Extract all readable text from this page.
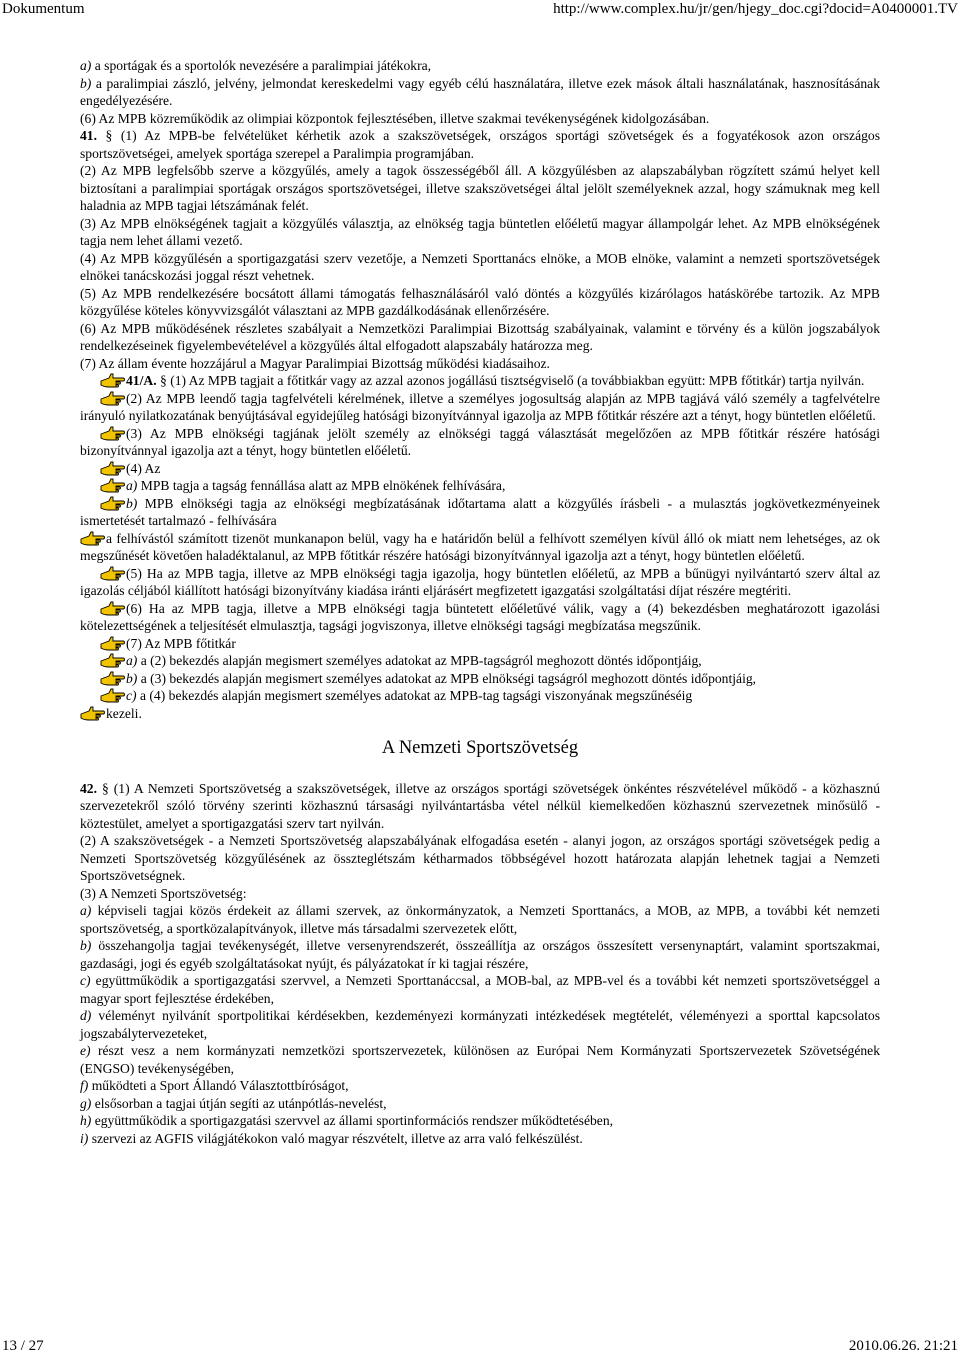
Dokumentum	http://www.complex.hu/jr/gen/hjegy_doc.cgi?docid=A0400001.TV

a) a sportágak és a sportolók nevezésére a paralimpiai játékokra,

b) a paralimpiai zászló, jelvény, jelmondat kereskedelmi vagy egyéb célú használatára, illetve ezek mások általi használatának, hasznosításának engedélyezésére.

(6) Az MPB közreműködik az olimpiai központok fejlesztésében, illetve szakmai tevékenységének kidolgozásában.

41. § (1) Az MPB-be felvételüket kérhetik azok a szakszövetségek, országos sportági szövetségek és a fogyatékosok azon országos sportszövetségei, amelyek sportága szerepel a Paralimpia programjában.

(2) Az MPB legfelsőbb szerve a közgyűlés, amely a tagok összességéből áll. A közgyűlésben az alapszabályban rögzített számú helyet kell biztosítani a paralimpiai sportágak országos sportszövetségei, illetve szakszövetségei által jelölt személyeknek azzal, hogy számuknak meg kell haladnia az MPB tagjai létszámának felét.

(3) Az MPB elnökségének tagjait a közgyűlés választja, az elnökség tagja büntetlen előéletű magyar állampolgár lehet. Az MPB elnökségének tagja nem lehet állami vezető.

(4) Az MPB közgyűlésén a sportigazgatási szerv vezetője, a Nemzeti Sporttanács elnöke, a MOB elnöke, valamint a nemzeti sportszövetségek elnökei tanácskozási joggal részt vehetnek.

(5) Az MPB rendelkezésére bocsátott állami támogatás felhasználásáról való döntés a közgyűlés kizárólagos hatáskörébe tartozik. Az MPB közgyűlése köteles könyvvizsgálót választani az MPB gazdálkodásának ellenőrzésére.

(6) Az MPB működésének részletes szabályait a Nemzetközi Paralimpiai Bizottság szabályainak, valamint e törvény és a külön jogszabályok rendelkezéseinek figyelembevételével a közgyűlés által elfogadott alapszabály határozza meg.

(7) Az állam évente hozzájárul a Magyar Paralimpiai Bizottság működési kiadásaihoz.

41/A. § (1) Az MPB tagjait a főtitkár vagy az azzal azonos jogállású tisztségviselő (a továbbiakban együtt: MPB főtitkár) tartja nyilván.

(2) Az MPB leendő tagja tagfelvételi kérelmének, illetve a személyes jogosultság alapján az MPB tagjává váló személy a tagfelvételre irányuló nyilatkozatának benyújtásával egyidejűleg hatósági bizonyítvánnyal igazolja az MPB főtitkár részére azt a tényt, hogy büntetlen előéletű.

(3) Az MPB elnökségi tagjának jelölt személy az elnökségi taggá választását megelőzően az MPB főtitkár részére hatósági bizonyítvánnyal igazolja azt a tényt, hogy büntetlen előéletű.

(4) Az

a) MPB tagja a tagság fennállása alatt az MPB elnökének felhívására,

b) MPB elnökségi tagja az elnökségi megbízatásának időtartama alatt a közgyűlés írásbeli - a mulasztás jogkövetkezményeinek ismertetését tartalmazó - felhívására

a felhívástól számított tizenöt munkanapon belül, vagy ha e határidőn belül a felhívott személyen kívül álló ok miatt nem lehetséges, az ok megszűnését követően haladéktalanul, az MPB főtitkár részére hatósági bizonyítvánnyal igazolja azt a tényt, hogy büntetlen előéletű.

(5) Ha az MPB tagja, illetve az MPB elnökségi tagja igazolja, hogy büntetlen előéletű, az MPB a bűnügyi nyilvántartó szerv által az igazolás céljából kiállított hatósági bizonyítvány kiadása iránti eljárásért megfizetett igazgatási szolgáltatási díjat részére megtériti.

(6) Ha az MPB tagja, illetve a MPB elnökségi tagja büntetett előéletűvé válik, vagy a (4) bekezdésben meghatározott igazolási kötelezettségének a teljesítését elmulasztja, tagsági jogviszonya, illetve elnökségi tagsági megbízatása megszűnik.

(7) Az MPB főtitkár

a) a (2) bekezdés alapján megismert személyes adatokat az MPB-tagságról meghozott döntés időpontjáig,

b) a (3) bekezdés alapján megismert személyes adatokat az MPB elnökségi tagságról meghozott döntés időpontjáig,

c) a (4) bekezdés alapján megismert személyes adatokat az MPB-tag tagsági viszonyának megszűnéséig

kezeli.

A Nemzeti Sportszövetség

42. § (1) A Nemzeti Sportszövetség a szakszövetségek, illetve az országos sportági szövetségek önkéntes részvételével működő - a közhasznú szervezetekről szóló törvény szerinti közhasznú társasági nyilvántartásba vétel nélkül kiemelkedően közhasznú szervezetnek minősülő - köztestület, amelyet a sportigazgatási szerv tart nyilván.

(2) A szakszövetségek - a Nemzeti Sportszövetség alapszabályának elfogadása esetén - alanyi jogon, az országos sportági szövetségek pedig a Nemzeti Sportszövetség közgyűlésének az összteglétszám kétharmados többségével hozott határozata alapján lehetnek tagjai a Nemzeti Sportszövetségnek.

(3) A Nemzeti Sportszövetség:

a) képviseli tagjai közös érdekeit az állami szervek, az önkormányzatok, a Nemzeti Sporttanács, a MOB, az MPB, a további két nemzeti sportszövetség, a sportközalapítványok, illetve más társadalmi szervezetek előtt,

b) összehangolja tagjai tevékenységét, illetve versenyrendszerét, összeállítja az országos összesített versenynaptárt, valamint sportszakmai, gazdasági, jogi és egyéb szolgáltatásokat nyújt, és pályázatokat ír ki tagjai részére,

c) együttműködik a sportigazgatási szervvel, a Nemzeti Sporttanáccsal, a MOB-bal, az MPB-vel és a további két nemzeti sportszövetséggel a magyar sport fejlesztése érdekében,

d) véleményt nyilvánít sportpolitikai kérdésekben, kezdeményezi kormányzati intézkedések megtételét, véleményezi a sporttal kapcsolatos jogszabálytervezeteket,

e) részt vesz a nem kormányzati nemzetközi sportszervezetek, különösen az Európai Nem Kormányzati Sportszervezetek Szövetségének (ENGSO) tevékenységében,

f) működteti a Sport Állandó Választottbíróságot,

g) elsősorban a tagjai útján segíti az utánpótlás-nevelést,

h) együttműködik a sportigazgatási szervvel az állami sportinformációs rendszer működtetésében,

i) szervezi az AGFIS világjátékokon való magyar részvételt, illetve az arra való felkészülést.

13 / 27	2010.06.26. 21:21
